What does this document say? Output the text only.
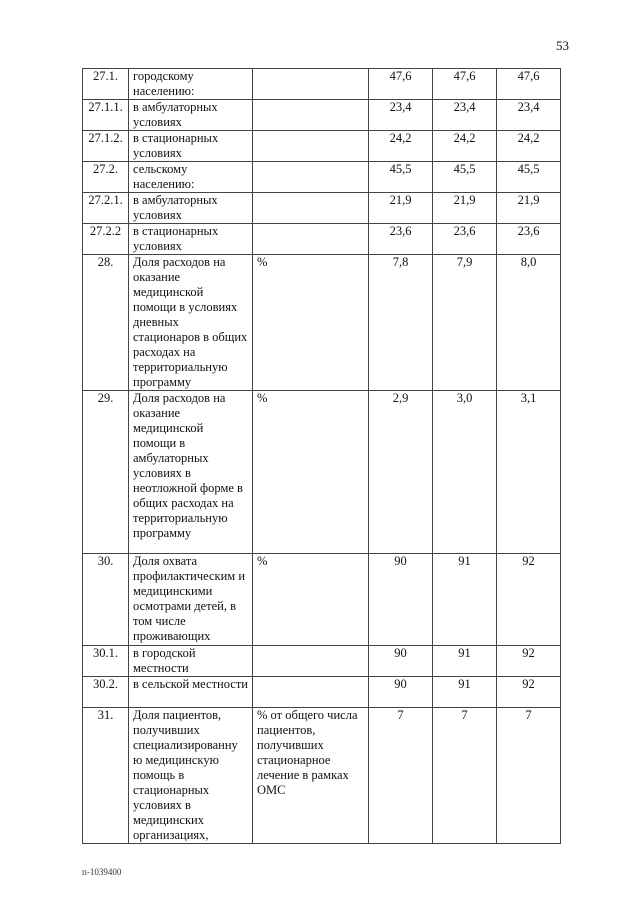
53
27.1.	городскому населению:		47,6	47,6	47,6
27.1.1.	в амбулаторных условиях		23,4	23,4	23,4
27.1.2.	в стационарных условиях		24,2	24,2	24,2
27.2.	сельскому населению:		45,5	45,5	45,5
27.2.1.	в амбулаторных условиях		21,9	21,9	21,9
27.2.2	в стационарных условиях		23,6	23,6	23,6
28.	Доля расходов на оказание медицинской помощи в условиях дневных стационаров в общих расходах на территориальную программу	%	7,8	7,9	8,0
29.	Доля расходов на оказание медицинской помощи в амбулаторных условиях в неотложной форме в общих расходах на территориальную программу	%	2,9	3,0	3,1
30.	Доля охвата профилактическим и медицинскими осмотрами детей, в том числе проживающих	%	90	91	92
30.1.	в городской местности		90	91	92
30.2.	в сельской местности		90	91	92
31.	Доля пациентов, получивших специализированну ю медицинскую помощь в стационарных условиях в медицинских организациях,	% от общего числа пациентов, получивших стационарное лечение в рамках ОМС	7	7	7
п-1039400
